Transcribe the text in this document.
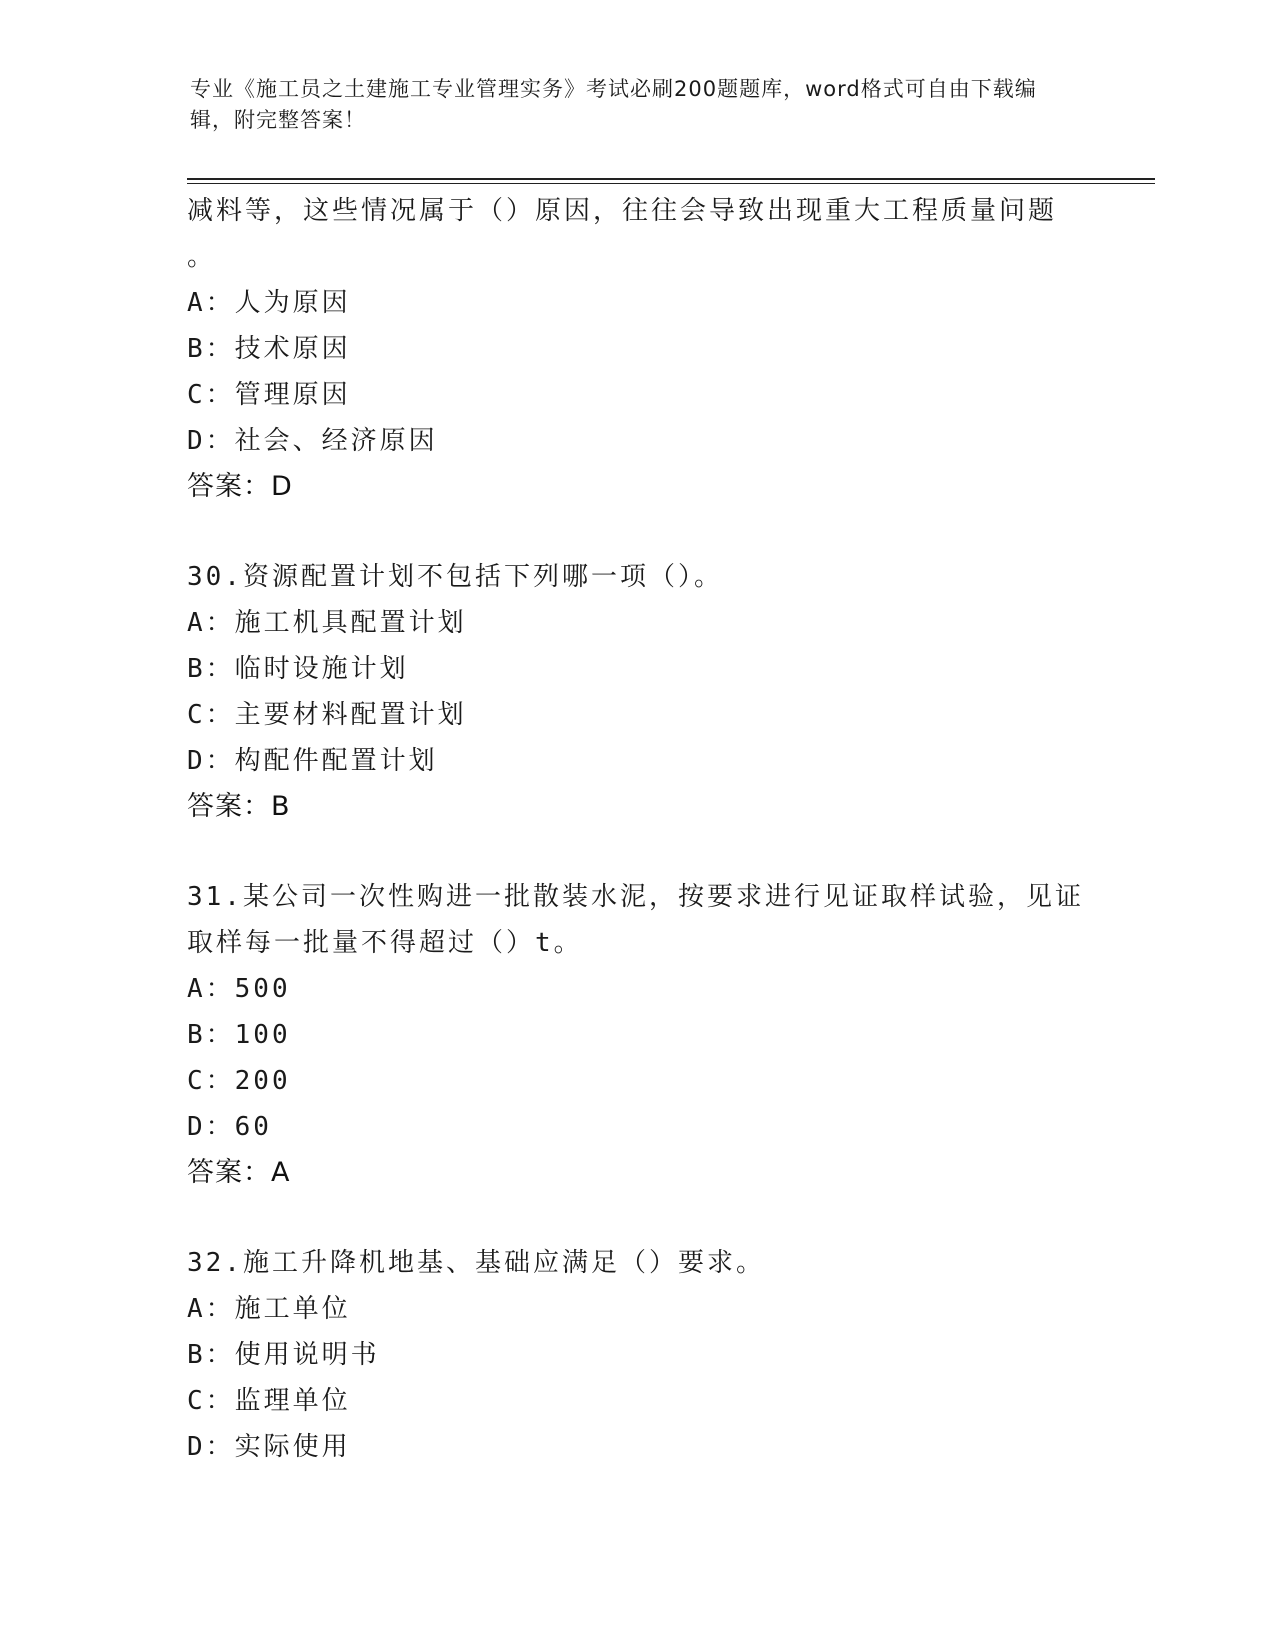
专业《施工员之土建施工专业管理实务》考试必刷200题题库，word格式可自由下载编辑，附完整答案！
减料等，这些情况属于（）原因，往往会导致出现重大工程质量问题
。
A：人为原因
B：技术原因
C：管理原因
D：社会、经济原因
答案：D
30.资源配置计划不包括下列哪一项（）。
A：施工机具配置计划
B：临时设施计划
C：主要材料配置计划
D：构配件配置计划
答案：B
31.某公司一次性购进一批散装水泥，按要求进行见证取样试验，见证
取样每一批量不得超过（）t。
A：500
B：100
C：200
D：60
答案：A
32.施工升降机地基、基础应满足（）要求。
A：施工单位
B：使用说明书
C：监理单位
D：实际使用
